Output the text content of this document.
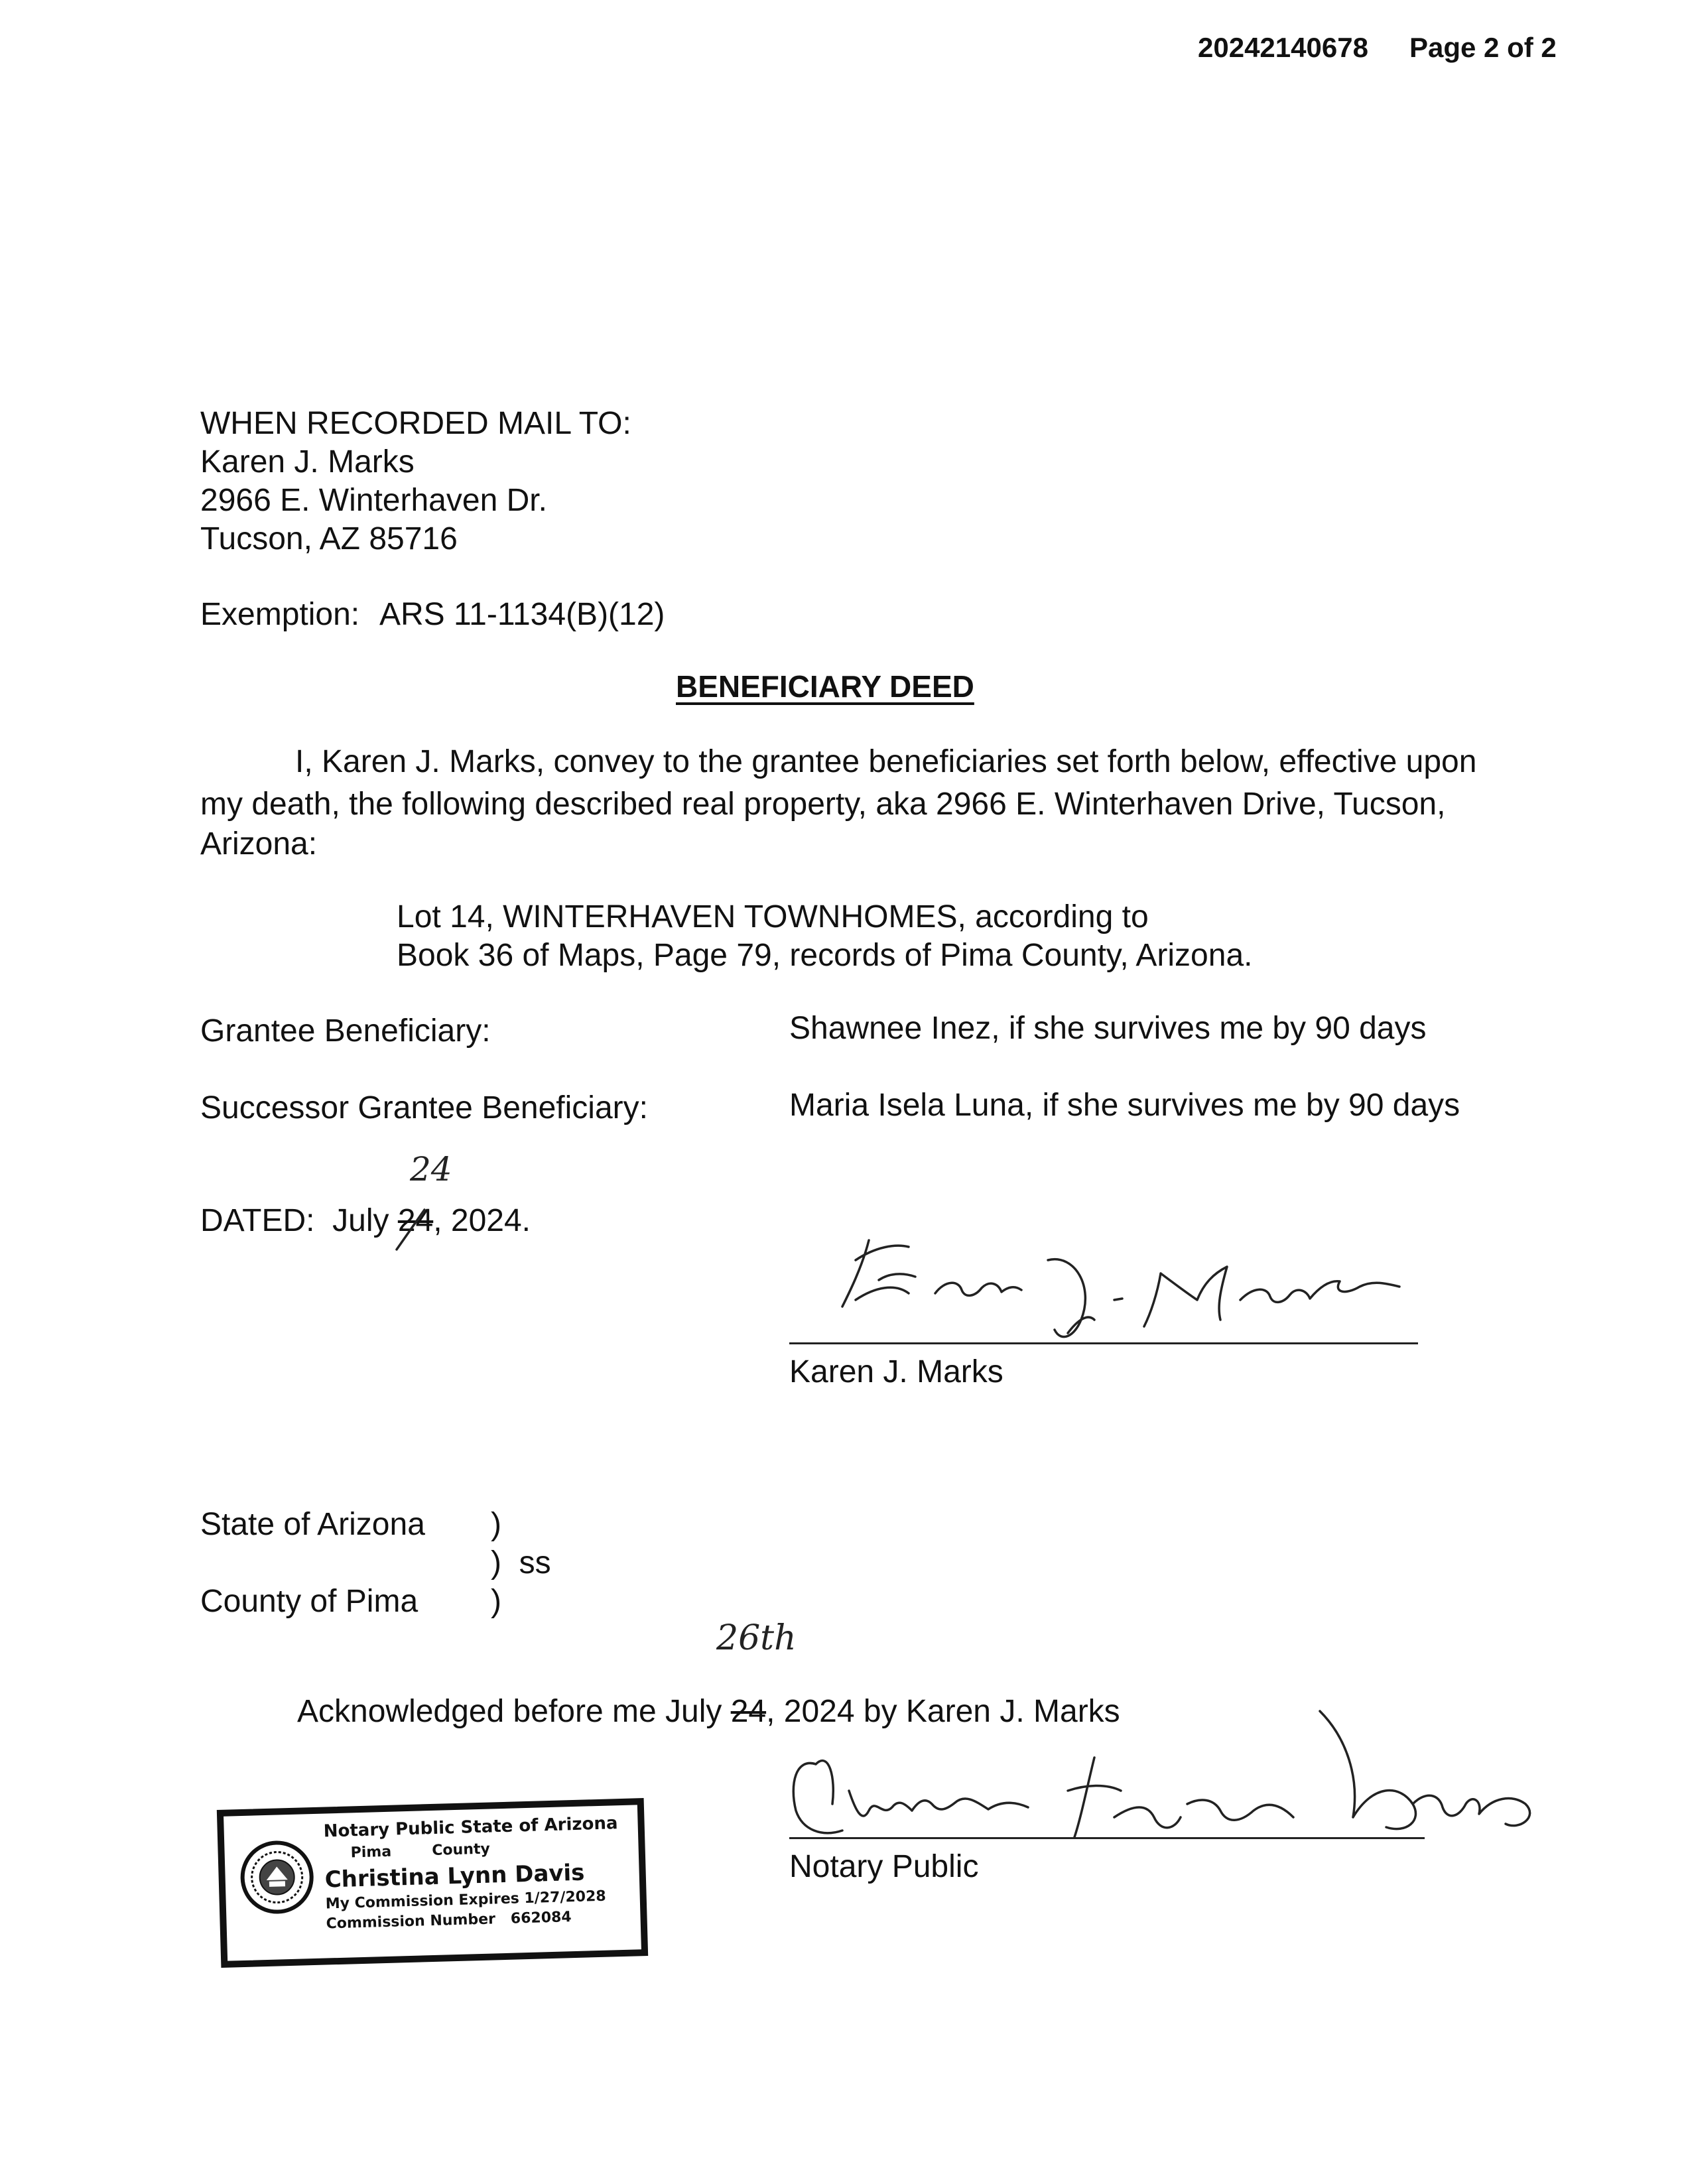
20242140678 Page 2 of 2
WHEN RECORDED MAIL TO:
Karen J. Marks
2966 E. Winterhaven Dr.
Tucson, AZ 85716
Exemption: ARS 11-1134(B)(12)
BENEFICIARY DEED
I, Karen J. Marks, convey to the grantee beneficiaries set forth below, effective upon
my death, the following described real property, aka 2966 E. Winterhaven Drive, Tucson,
Arizona:
Lot 14, WINTERHAVEN TOWNHOMES, according to
Book 36 of Maps, Page 79, records of Pima County, Arizona.
Grantee Beneficiary:	Shawnee Inez, if she survives me by 90 days
Successor Grantee Beneficiary:	Maria Isela Luna, if she survives me by 90 days
DATED:  July 24, 2024.
24
Karen J. Marks
State of Arizona )
)  ss
County of Pima )
26th
Acknowledged before me July 24, 2024 by Karen J. Marks
Notary Public
Notary Public State of Arizona
Pima        County
Christina Lynn Davis
My Commission Expires 1/27/2028
Commission Number   662084
